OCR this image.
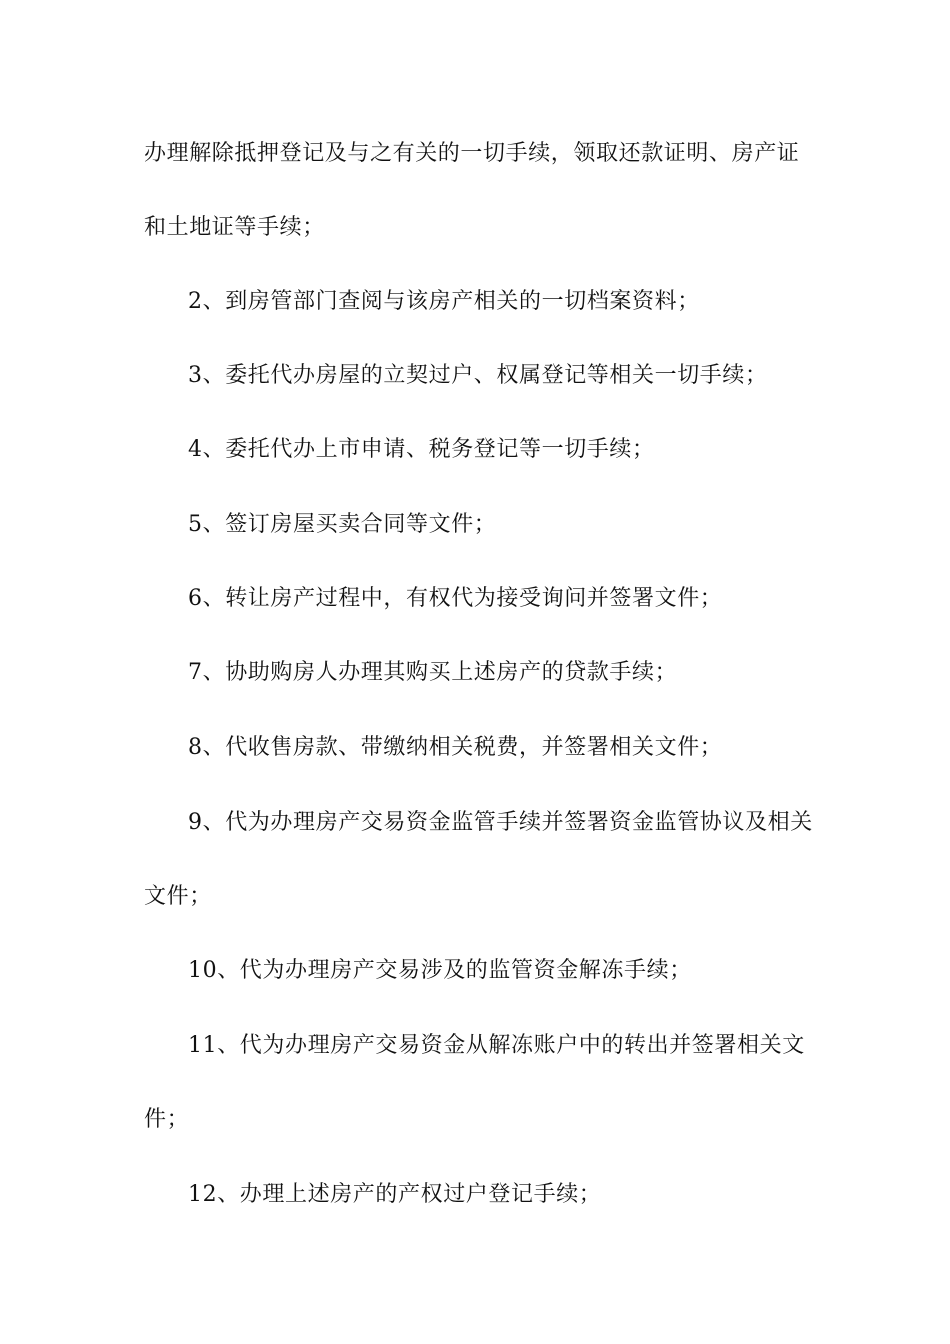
办理解除抵押登记及与之有关的一切手续，领取还款证明、房产证
和土地证等手续；
2、到房管部门查阅与该房产相关的一切档案资料；
3、委托代办房屋的立契过户、权属登记等相关一切手续；
4、委托代办上市申请、税务登记等一切手续；
5、签订房屋买卖合同等文件；
6、转让房产过程中，有权代为接受询问并签署文件；
7、协助购房人办理其购买上述房产的贷款手续；
8、代收售房款、带缴纳相关税费，并签署相关文件；
9、代为办理房产交易资金监管手续并签署资金监管协议及相关
文件；
10、代为办理房产交易涉及的监管资金解冻手续；
11、代为办理房产交易资金从解冻账户中的转出并签署相关文
件；
12、办理上述房产的产权过户登记手续；
